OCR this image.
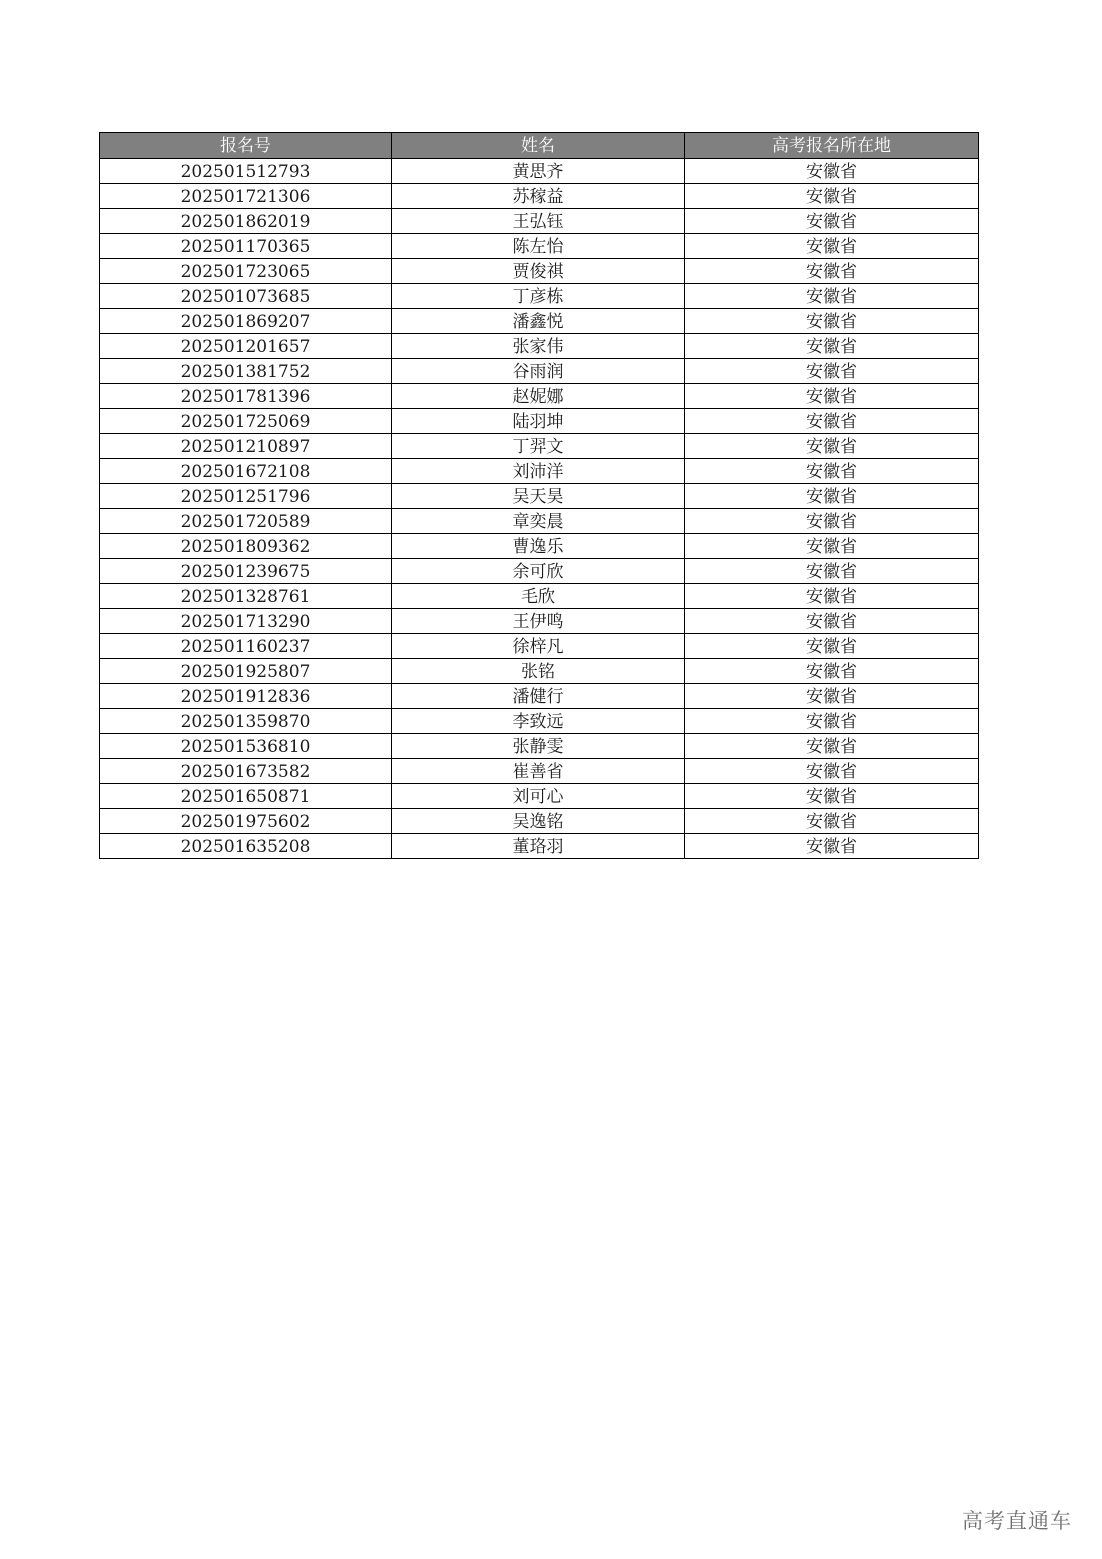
报名号	姓名	高考报名所在地
202501512793	黄思齐	安徽省
202501721306	苏稼益	安徽省
202501862019	王弘钰	安徽省
202501170365	陈左怡	安徽省
202501723065	贾俊祺	安徽省
202501073685	丁彦栋	安徽省
202501869207	潘鑫悦	安徽省
202501201657	张家伟	安徽省
202501381752	谷雨润	安徽省
202501781396	赵妮娜	安徽省
202501725069	陆羽坤	安徽省
202501210897	丁羿文	安徽省
202501672108	刘沛洋	安徽省
202501251796	吴天昊	安徽省
202501720589	章奕晨	安徽省
202501809362	曹逸乐	安徽省
202501239675	余可欣	安徽省
202501328761	毛欣	安徽省
202501713290	王伊鸣	安徽省
202501160237	徐梓凡	安徽省
202501925807	张铭	安徽省
202501912836	潘健行	安徽省
202501359870	李致远	安徽省
202501536810	张静雯	安徽省
202501673582	崔善省	安徽省
202501650871	刘可心	安徽省
202501975602	吴逸铭	安徽省
202501635208	董珞羽	安徽省
高考直通车
